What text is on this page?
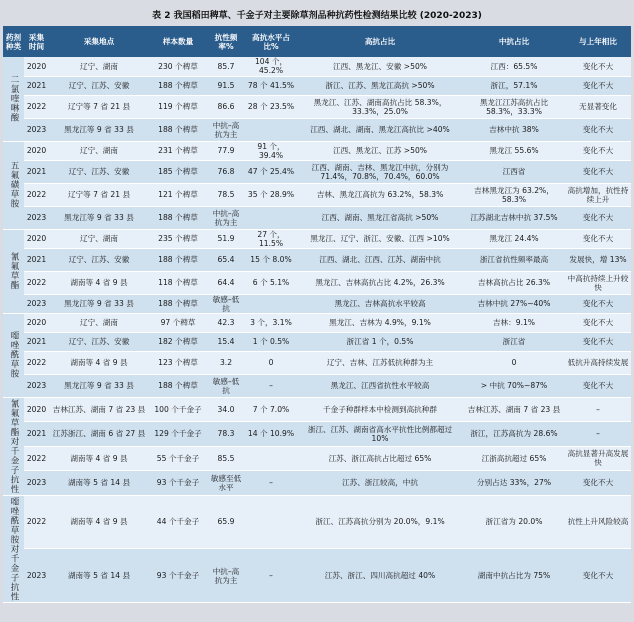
表 2 我国稻田稗草、千金子对主要除草剂品种抗药性检测结果比较 (2020-2023)
药剂种类	采集时间	采集地点	样本数量	抗性频率%	高抗水平占比%	高抗占比	中抗占比	与上年相比
二氯喹啉酸	2020	辽宁、湖南	230 个稗草	85.7	104 个，45.2%	江西、黑龙江、安徽 >50%	江西：65.5%	变化不大
	2021	辽宁、江苏、安徽	188 个稗草	91.5	78 个 41.5%	浙江、江苏、黑龙江高抗 >50%	浙江，57.1%	变化不大
	2022	辽宁等 7 省 21 县	119 个稗草	86.6	28 个 23.5%	黑龙江、江苏、湖南高抗占比 58.3%，33.3%，25.0%	黑龙江江苏高抗占比 58.3%，33.3%	无显著变化
	2023	黑龙江等 9 省 33 县	188 个稗草	中抗–高抗为主		江西、湖北、湖南、黑龙江高抗比 >40%	吉林中抗 38%	变化不大
五氟磺草胺	2020	辽宁、湖南	231 个稗草	77.9	91 个，39.4%	江西、黑龙江、江苏 >50%	黑龙江 55.6%	变化不大
	2021	辽宁、江苏、安徽	185 个稗草	76.8	47 个 25.4%	江西、湖南、吉林、黑龙江中抗，分别为 71.4%，70.8%，70.4%，60.0%	江西省	变化不大
	2022	辽宁等 7 省 21 县	121 个稗草	78.5	35 个 28.9%	吉林、黑龙江高抗为 63.2%，58.3%	吉林黑龙江为 63.2%，58.3%	高抗增加，抗性持续上升
	2023	黑龙江等 9 省 33 县	188 个稗草	中抗–高抗为主		江西、湖南、黑龙江省高抗 >50%	江苏湖北吉林中抗 37.5%	变化不大
氰氟草酯	2020	辽宁、湖南	235 个稗草	51.9	27 个，11.5%	黑龙江、辽宁、浙江、安徽、江西 >10%	黑龙江 24.4%	变化不大
	2021	辽宁、江苏、安徽	188 个稗草	65.4	15 个 8.0%	江西、湖北、江西、江苏、湖南中抗	浙江省抗性频率最高	发展快，增 13%
	2022	湖南等 4 省 9 县	118 个稗草	64.4	6 个 5.1%	黑龙江、吉林高抗占比 4.2%，26.3%	吉林高抗占比 26.3%	中高抗持续上升较快
	2023	黑龙江等 9 省 33 县	188 个稗草	敏感–低抗		黑龙江、吉林高抗水平较高	吉林中抗 27%~40%	变化不大
噁唑酰草胺	2020	辽宁、湖南	97 个稗草	42.3	3 个，3.1%	黑龙江、吉林为 4.9%，9.1%	吉林：9.1%	变化不大
	2021	辽宁、江苏、安徽	182 个稗草	15.4	1 个 0.5%	浙江省 1 个，0.5%	浙江省	变化不大
	2022	湖南等 4 省 9 县	123 个稗草	3.2	0	辽宁、吉林、江苏低抗种群为主	0	低抗升高持续发展
	2023	黑龙江等 9 省 33 县	188 个稗草	敏感–低抗	–	黑龙江、江西省抗性水平较高	> 中抗 70%~87%	变化不大
氰氟草酯对千金子抗性	2020	吉林江苏、湖南 7 省 23 县	100 个千金子	34.0	7 个 7.0%	千金子种群样本中检测到高抗种群	吉林江苏、湖南 7 省 23 县	–
	2021	江苏浙江、湖南 6 省 27 县	129 个千金子	78.3	14 个 10.9%	浙江、江苏、湖南省高水平抗性比例都超过 10%	浙江，江苏高抗为 28.6%	–
	2022	湖南等 4 省 9 县	55 个千金子	85.5		江苏、浙江高抗占比超过 65%	江浙高抗超过 65%	高抗显著升高发展快
	2023	湖南等 5 省 14 县	93 个千金子	敏感至低水平	–	江苏、浙江较高，中抗	分别占达 33%，27%	变化不大
噁唑酰草胺对千金子抗性	2022	湖南等 4 省 9 县	44 个千金子	65.9		浙江、江苏高抗分别为 20.0%，9.1%	浙江省为 20.0%	抗性上升风险较高
	2023	湖南等 5 省 14 县	93 个千金子	中抗–高抗为主	–	江苏、浙江、四川高抗超过 40%	湖南中抗占比为 75%	变化不大
